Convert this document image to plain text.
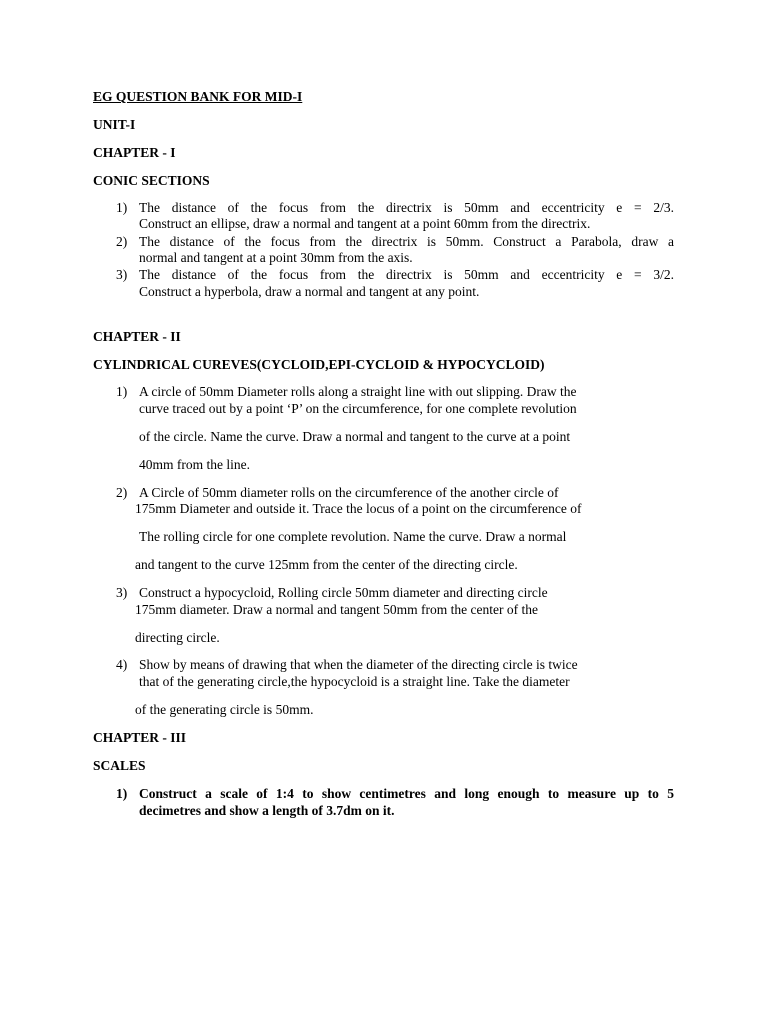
EG QUESTION BANK FOR MID-I
UNIT-I
CHAPTER - I
CONIC SECTIONS
1) The distance of the focus from the directrix is 50mm and eccentricity e = 2/3.
Construct an ellipse, draw a normal and tangent at a point 60mm from the directrix.
2) The distance of the focus from the directrix is 50mm. Construct a Parabola, draw a
normal and tangent at a point 30mm from the axis.
3) The distance of the focus from the directrix is 50mm and eccentricity e = 3/2.
Construct a hyperbola, draw a normal and tangent at any point.
CHAPTER - II
CYLINDRICAL CUREVES(CYCLOID,EPI-CYCLOID & HYPOCYCLOID)
1) A circle of 50mm Diameter rolls along a straight line with out slipping. Draw the
curve traced out by a point ‘P’ on the circumference, for one complete revolution
of the circle. Name the curve. Draw a normal and tangent to the curve at a point
40mm from the line.
2) A Circle of 50mm diameter rolls on the circumference of the another circle of
175mm Diameter and outside it. Trace the locus of a point on the circumference of
The rolling circle for one complete revolution. Name the curve. Draw a normal
and tangent to the curve 125mm from the center of the directing circle.
3) Construct a hypocycloid, Rolling circle 50mm diameter and directing circle
175mm diameter. Draw a normal and tangent 50mm from the center of the
directing circle.
4) Show by means of drawing that when the diameter of the directing circle is twice
that of the generating circle,the hypocycloid is a straight line. Take the diameter
of the generating circle is 50mm.
CHAPTER - III
SCALES
1) Construct a scale of 1:4 to show centimetres and long enough to measure up to 5
decimetres and show a length of 3.7dm on it.
